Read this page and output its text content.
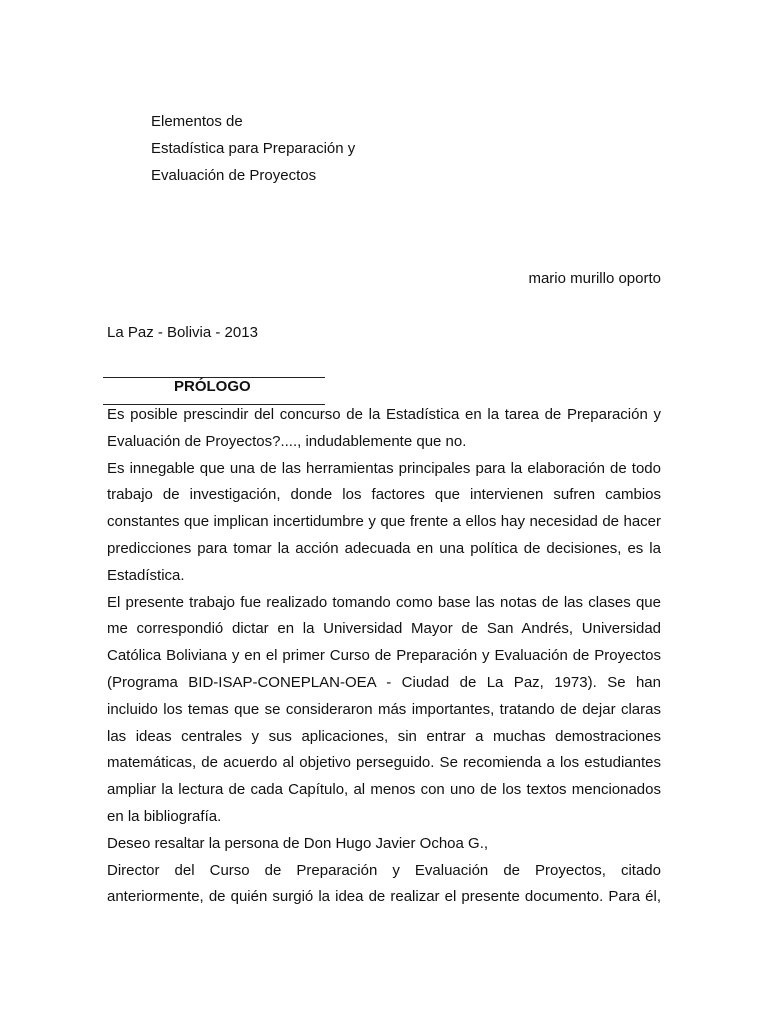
Elementos de
Estadística para Preparación y
Evaluación de Proyectos
mario murillo oporto
La Paz - Bolivia - 2013
PRÓLOGO
Es posible prescindir del concurso de la Estadística en la tarea de Preparación y
Evaluación de Proyectos?...., indudablemente que no.
Es innegable que una de las herramientas principales para la elaboración de todo
trabajo de investigación, donde los factores que intervienen sufren cambios
constantes que implican incertidumbre y que frente a ellos hay necesidad de hacer
predicciones para tomar la acción adecuada en una política de decisiones, es la
Estadística.
El presente trabajo fue realizado tomando como base las notas de las clases que
me correspondió dictar en la Universidad Mayor de San Andrés, Universidad
Católica Boliviana y en el primer Curso de Preparación y Evaluación de Proyectos
(Programa BID-ISAP-CONEPLAN-OEA - Ciudad de La Paz, 1973). Se han
incluido los temas que se consideraron más importantes, tratando de dejar claras
las ideas centrales y sus aplicaciones, sin entrar a muchas demostraciones
matemáticas, de acuerdo al objetivo perseguido. Se recomienda a los estudiantes
ampliar la lectura de cada Capítulo, al menos con uno de los textos mencionados
en la bibliografía.
Deseo resaltar la persona de Don Hugo Javier Ochoa G.,
Director del Curso de Preparación y Evaluación de Proyectos, citado
anteriormente, de quién surgió la idea de realizar el presente documento. Para él,
